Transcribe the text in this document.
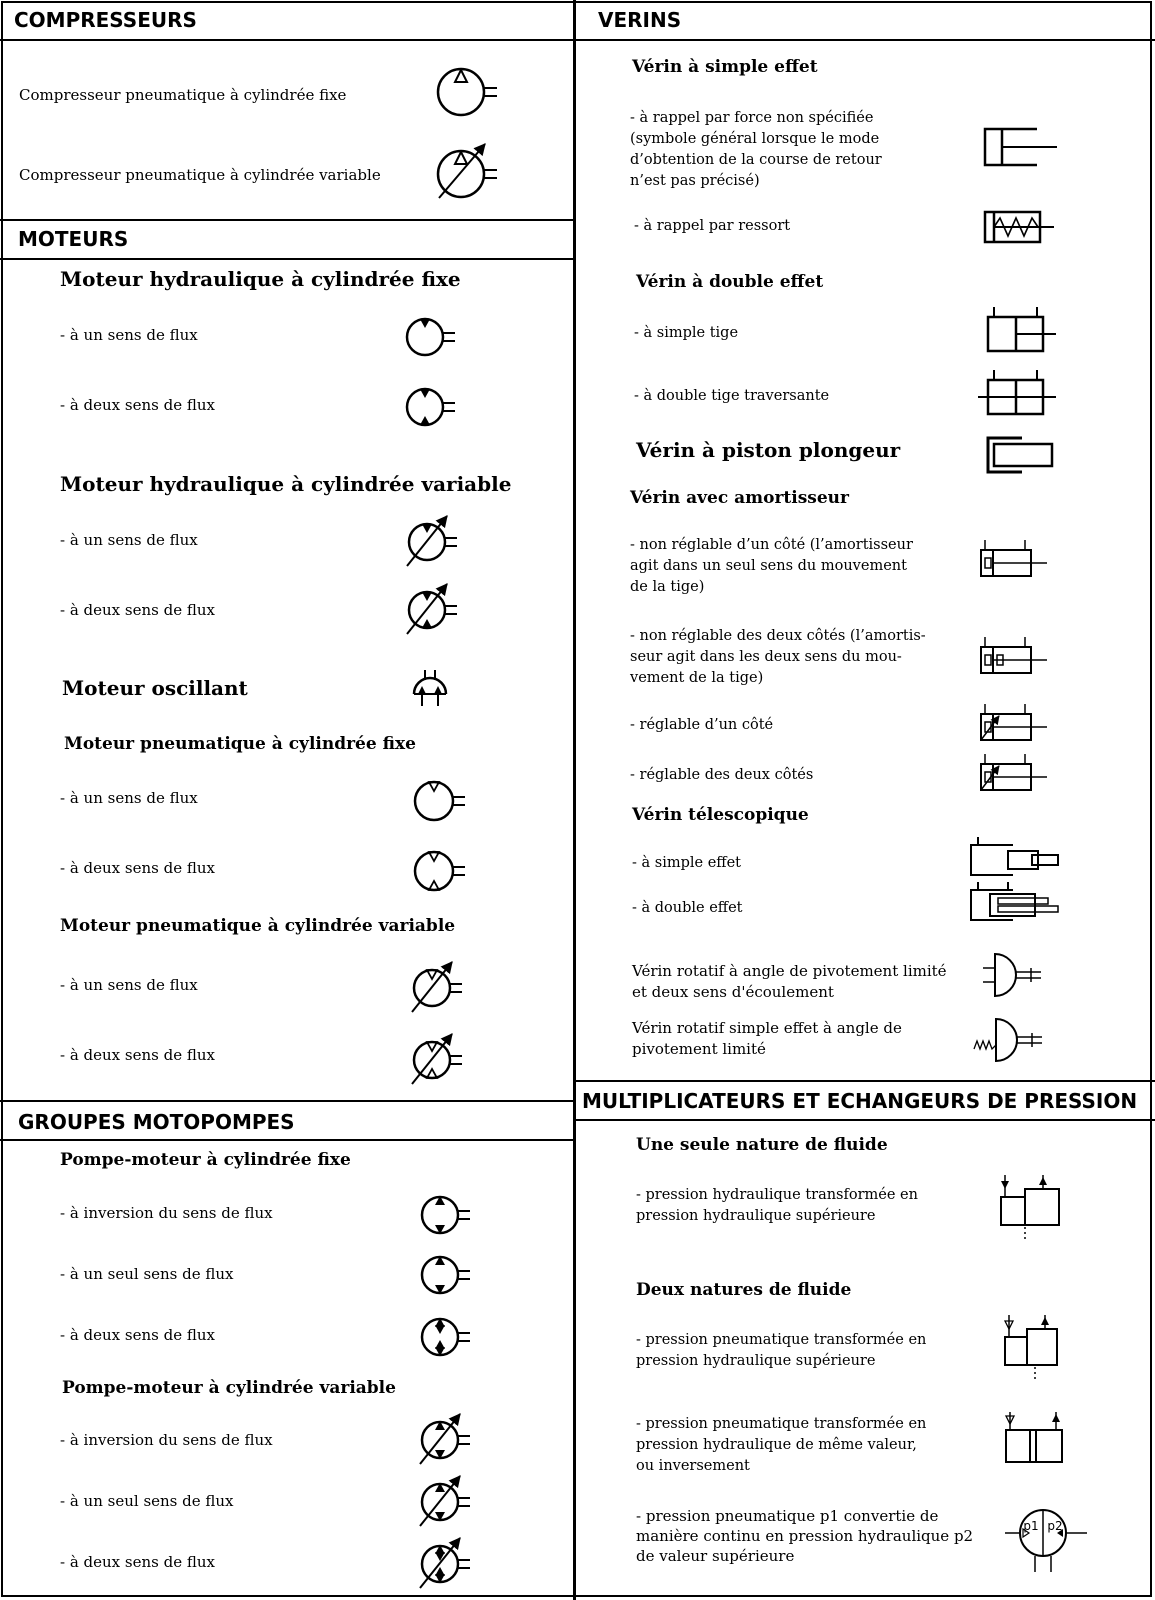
COMPRESSEURS
Compresseur pneumatique à cylindrée fixe
Compresseur pneumatique à cylindrée variable
MOTEURS
Moteur hydraulique à cylindrée fixe
- à un sens de flux
- à deux sens de flux
Moteur hydraulique à cylindrée variable
- à un sens de flux
- à deux sens de flux
Moteur oscillant
Moteur pneumatique à cylindrée fixe
- à un sens de flux
- à deux sens de flux
Moteur pneumatique à cylindrée variable
- à un sens de flux
- à deux sens de flux
GROUPES MOTOPOMPES
Pompe-moteur à cylindrée fixe
- à inversion du sens de flux
- à un seul sens de flux
- à deux sens de flux
Pompe-moteur à cylindrée variable
- à inversion du sens de flux
- à un seul sens de flux
- à deux sens de flux
VERINS
Vérin à simple effet
- à rappel par force non spécifiée
(symbole général lorsque le mode
d’obtention de la course de retour
n’est pas précisé)
- à rappel par ressort
Vérin à double effet
- à simple tige
- à double tige traversante
Vérin à piston plongeur
Vérin avec amortisseur
- non réglable d’un côté (l’amortisseur
agit dans un seul sens du mouvement
de la tige)
- non réglable des deux côtés (l’amortis-
seur agit dans les deux sens du mou-
vement de la tige)
- réglable d’un côté
- réglable des deux côtés
Vérin télescopique
- à simple effet
- à double effet
Vérin rotatif à angle de pivotement limité
et deux sens d'écoulement
Vérin rotatif simple effet à angle de
pivotement limité
MULTIPLICATEURS ET ECHANGEURS DE PRESSION
Une seule nature de fluide
- pression hydraulique transformée en
pression hydraulique supérieure
Deux natures de fluide
- pression pneumatique transformée en
pression hydraulique supérieure
- pression pneumatique transformée en
pression hydraulique de même valeur,
ou inversement
- pression pneumatique p1 convertie de
manière continu en pression hydraulique p2
de valeur supérieure
p1 p2
